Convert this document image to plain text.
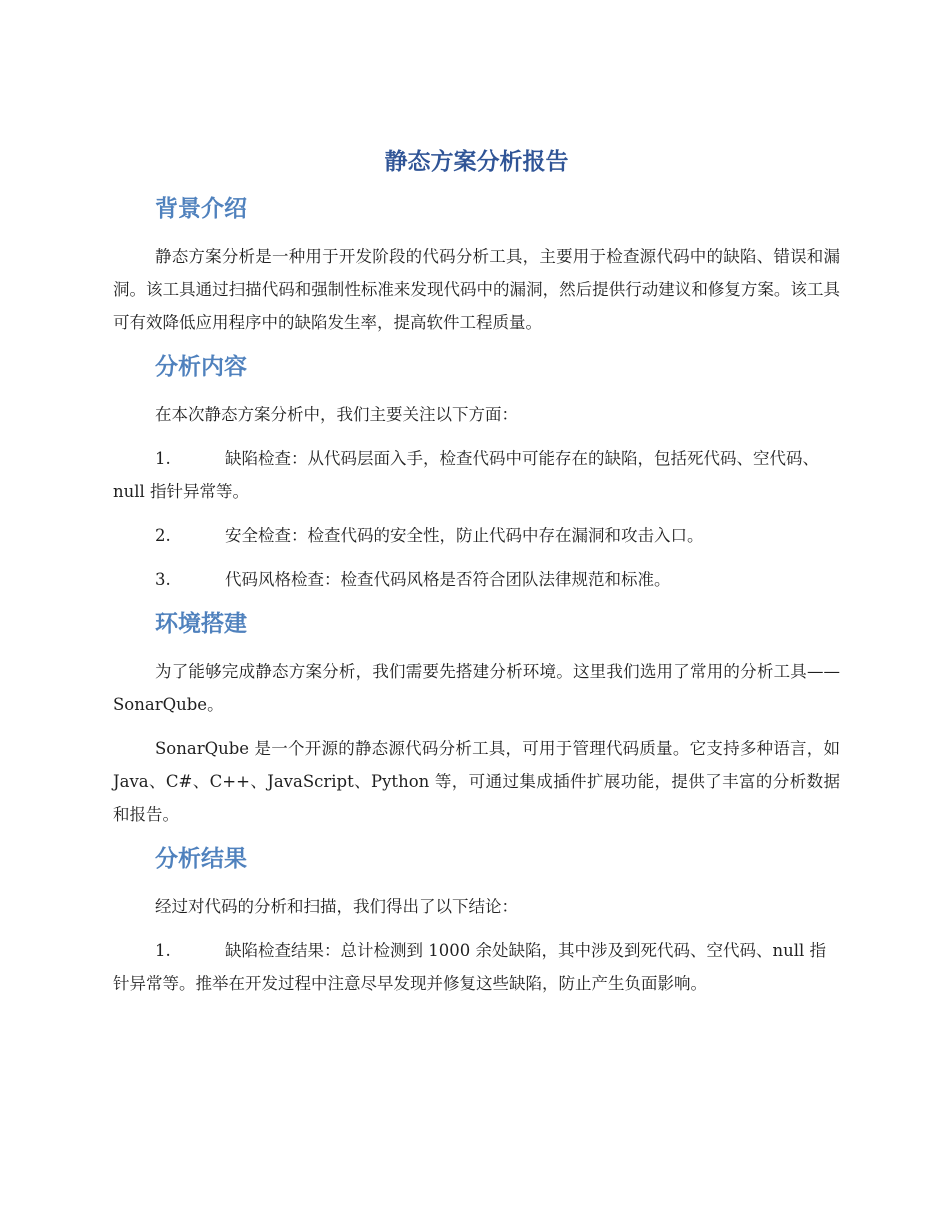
静态方案分析报告
背景介绍

静态方案分析是一种用于开发阶段的代码分析工具，主要用于检查源代码中的缺陷、错误和漏洞。该工具通过扫描代码和强制性标准来发现代码中的漏洞，然后提供行动建议和修复方案。该工具可有效降低应用程序中的缺陷发生率，提高软件工程质量。

分析内容

在本次静态方案分析中，我们主要关注以下方面：

1.	缺陷检查：从代码层面入手，检查代码中可能存在的缺陷，包括死代码、空代码、null 指针异常等。

2.	安全检查：检查代码的安全性，防止代码中存在漏洞和攻击入口。

3.	代码风格检查：检查代码风格是否符合团队法律规范和标准。

环境搭建

为了能够完成静态方案分析，我们需要先搭建分析环境。这里我们选用了常用的分析工具——SonarQube。

SonarQube 是一个开源的静态源代码分析工具，可用于管理代码质量。它支持多种语言，如 Java、C#、C++、JavaScript、Python 等，可通过集成插件扩展功能，提供了丰富的分析数据和报告。

分析结果

经过对代码的分析和扫描，我们得出了以下结论：

1.	缺陷检查结果：总计检测到 1000 余处缺陷，其中涉及到死代码、空代码、null 指针异常等。推举在开发过程中注意尽早发现并修复这些缺陷，防止产生负面影响。
